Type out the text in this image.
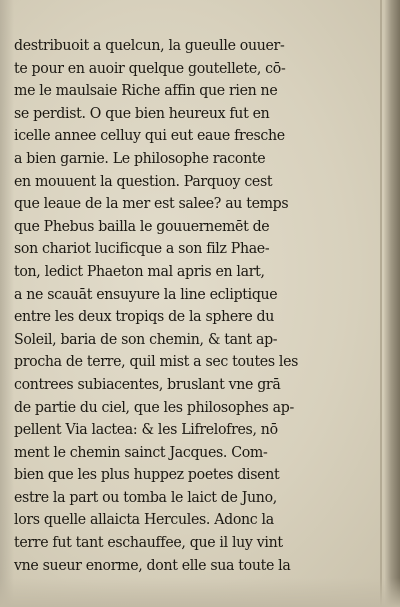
destribuoit a quelcun, la gueulle ouuer-
te pour en auoir quelque goutellete, cō-
me le maulsaie Riche affin que rien ne
se perdist. O que bien heureux fut en
icelle annee celluy qui eut eaue fresche
a bien garnie. Le philosophe raconte
en mouuent la question. Parquoy cest
que leaue de la mer est salee? au temps
que Phebus bailla le gouuernemēt de
son chariot lucificque a son filz Phae-
ton, ledict Phaeton mal apris en lart,
a ne scauāt ensuyure la line ecliptique
entre les deux tropiqs de la sphere du
Soleil, baria de son chemin, & tant ap-
procha de terre, quil mist a sec toutes les
contrees subiacentes, bruslant vne grā
de partie du ciel, que les philosophes ap-
pellent Via lactea: & les Lifrelofres, nō
ment le chemin sainct Jacques. Com-
bien que les plus huppez poetes disent
estre la part ou tomba le laict de Juno,
lors quelle allaicta Hercules. Adonc la
terre fut tant eschauffee, que il luy vint
vne sueur enorme, dont elle sua toute la
